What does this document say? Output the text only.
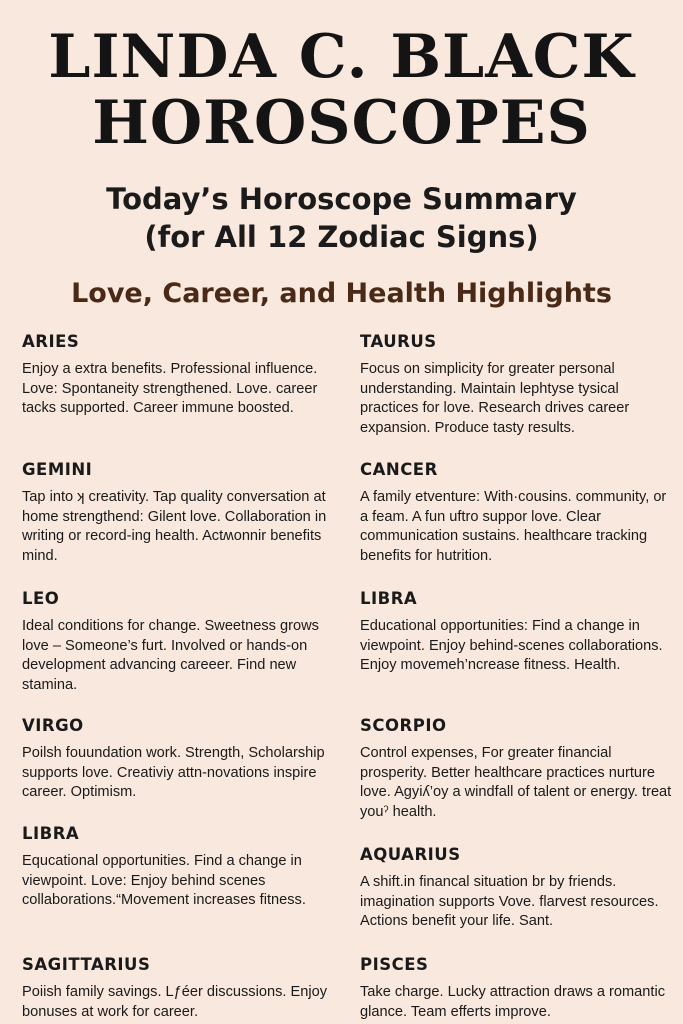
LINDA C. BLACK
HOROSCOPES
Today’s Horoscope Summary
(for All 12 Zodiac Signs)
Love, Career, and Health Highlights
ARIES

Enjoy a extra benefits. Professional influence. Love: Spontaneity strengthened. Love. career tacks supported. Career immune boosted.

TAURUS

Focus on simplicity for greater personal understanding. Maintain lephtyse tysical practices for love. Research drives career expansion. Produce tasty results.

GEMINI

Tap into ʞ creativity. Tap quality conversation at home strengthend: Gilent love. Collaboration in writing or record-ing health. Actʍonnir benefits mind.

CANCER

A family etventure: With·cousins. community, or a feam. A fun uftro suppor love. Clear communication sustains. healthcare tracking benefits for hutrition.

LEO

Ideal conditions for change. Sweetness grows love – Someone’s furt. Involved or hands-on development advancing careeer. Find new stamina.

LIBRA

Educational opportunities: Find a change in viewpoint. Enjoy behind-scenes collaborations. Enjoy movemeh’ncrease fitness. Health.

VIRGO

Poilsh fouundation work. Strength, Scholarship supports love. Creativiy attn-novations inspire career. Optimism.

SCORPIO

Control expenses, For greater financial prosperity. Better healthcare practices nurture love. Agyiʎ’oy a windfall of talent or energy. treat youˀ health.

LIBRA

Equcational opportunities. Find a change in viewpoint. Love: Enjoy behind scenes collaborations.“Movement increases fitness.

AQUARIUS

A shift.in financal situation br by friends. imagination supports Vove. flarvest resources. Actions benefit your life. Sant.

SAGITTARIUS

Poiish family savings. Lƒéer discussions. Enjoy bonuses at work for career.

PISCES

Take charge. Lucky attraction draws a romantic glance. Team efferts improve.
